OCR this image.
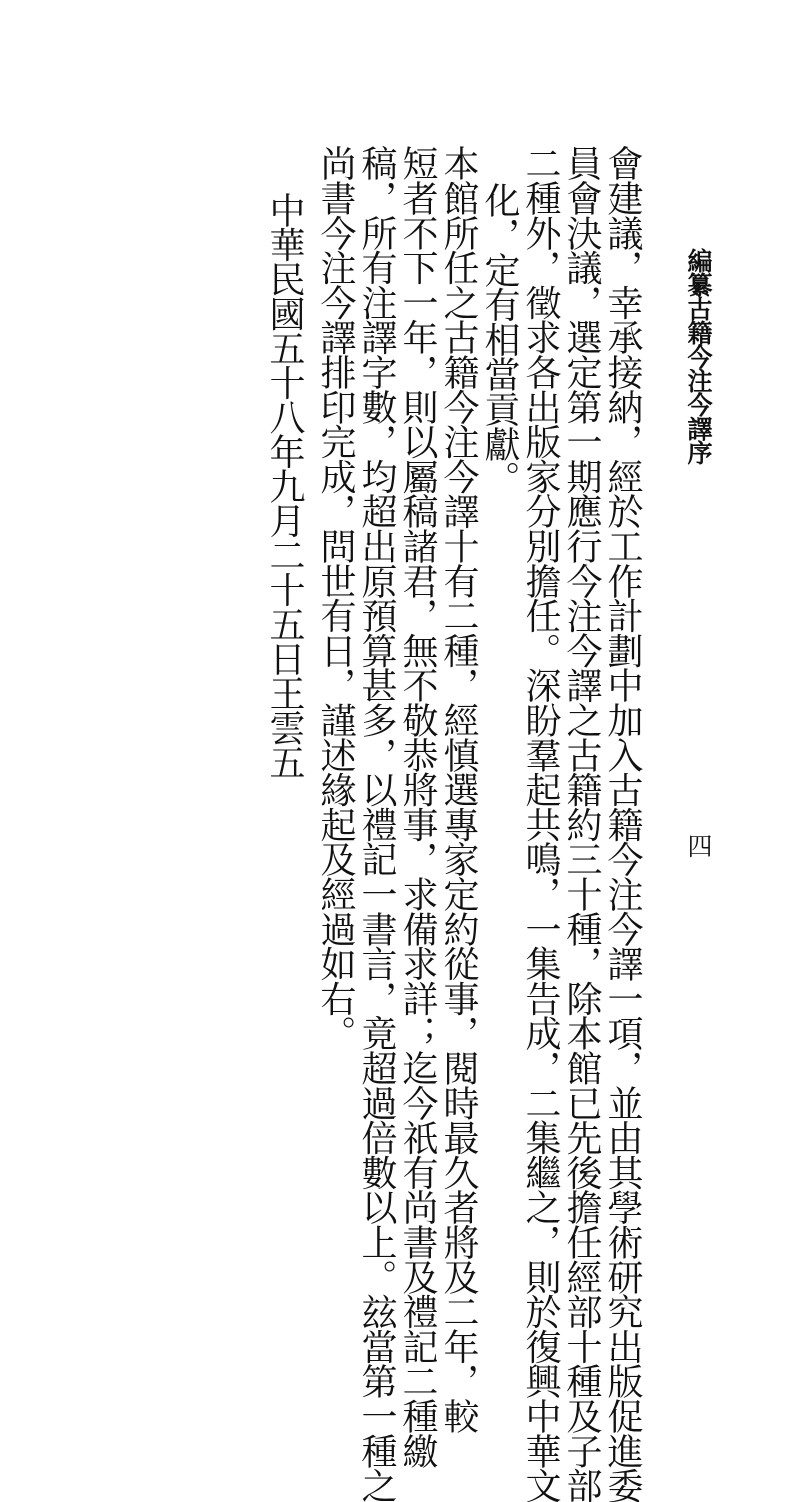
編纂古籍今注今譯序
四
會建議，幸承接納，經於工作計劃中加入古籍今注今譯一項，並由其學術研究出版促進委
員會決議，選定第一期應行今注今譯之古籍約三十種，除本館已先後擔任經部十種及子部
二種外，徵求各出版家分別擔任。深盼羣起共鳴，一集告成，二集繼之，則於復興中華文
化，定有相當貢獻。
本館所任之古籍今注今譯十有二種，經慎選專家定約從事，閱時最久者將及二年，較
短者不下一年，則以屬稿諸君，無不敬恭將事，求備求詳；迄今祇有尚書及禮記二種繳
稿，所有注譯字數，均超出原預算甚多，以禮記一書言，竟超過倍數以上。玆當第一種之
尚書今注今譯排印完成，問世有日，謹述緣起及經過如右。
中華民國五十八年九月二十五日王雲五
